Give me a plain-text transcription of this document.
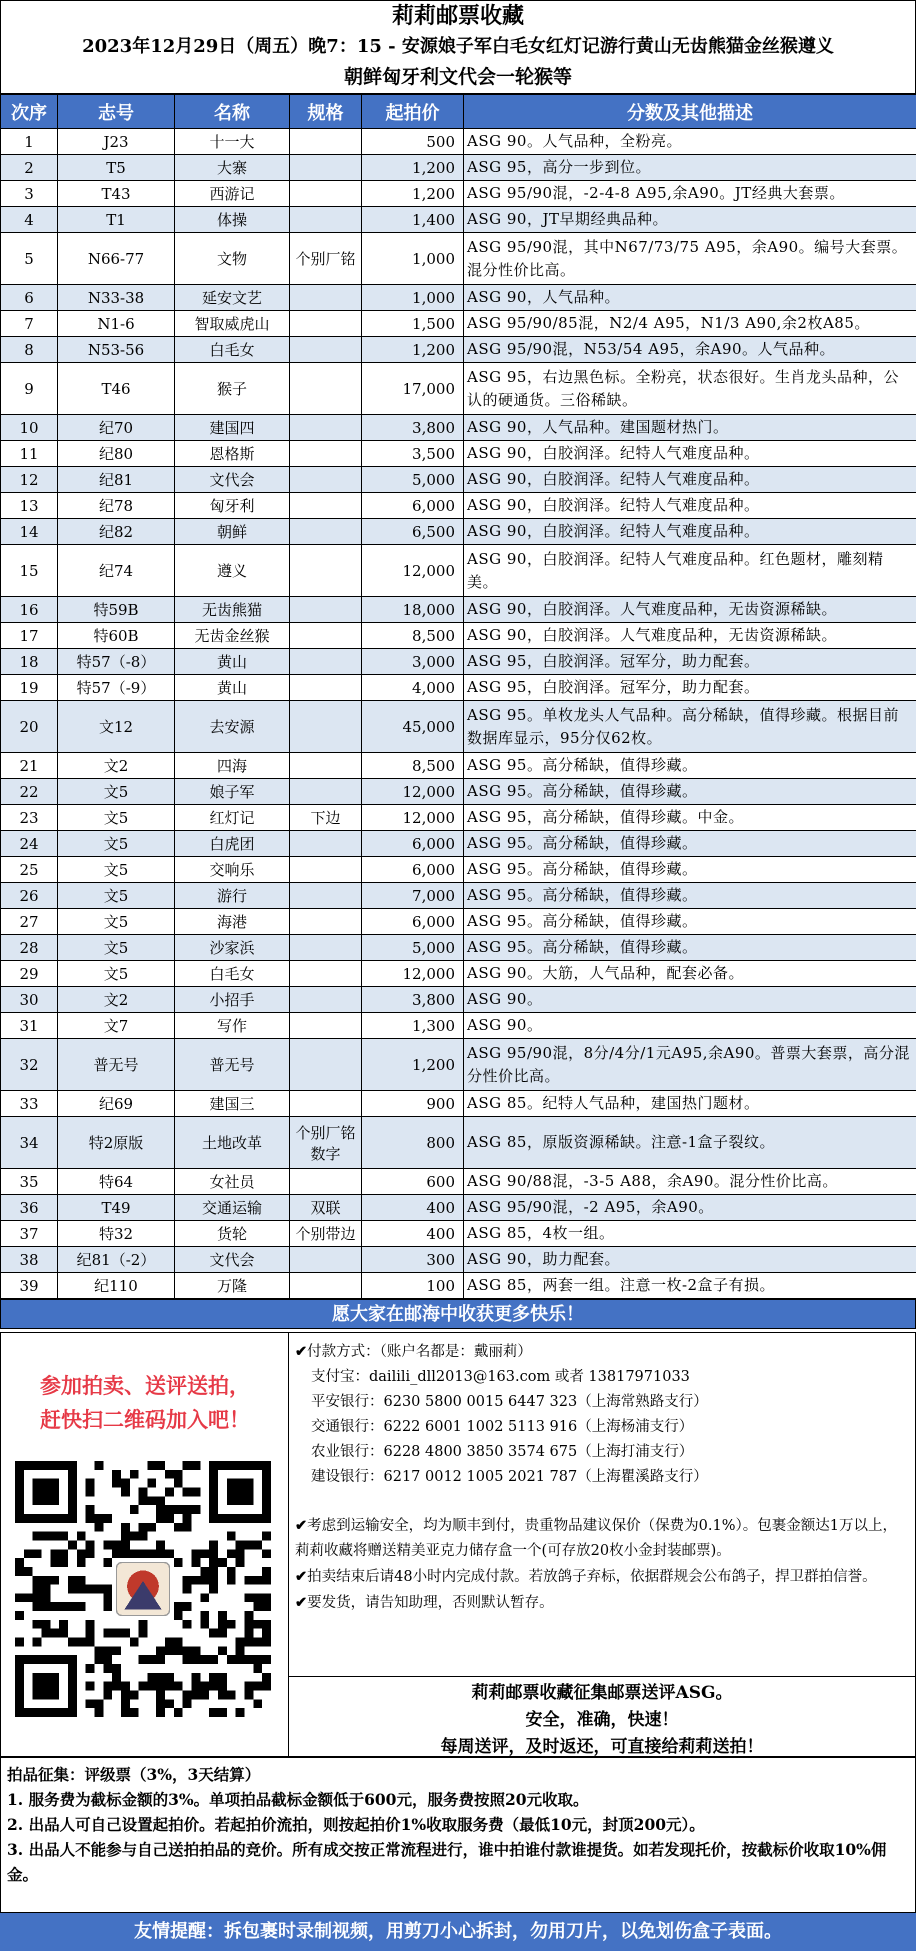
莉莉邮票收藏
2023年12月29日（周五）晚7：15 - 安源娘子军白毛女红灯记游行黄山无齿熊猫金丝猴遵义
朝鲜匈牙利文代会一轮猴等
次序	志号	名称	规格	起拍价	分数及其他描述
1	J23	十一大		500	ASG 90。人气品种，全粉亮。
2	T5	大寨		1,200	ASG 95，高分一步到位。
3	T43	西游记		1,200	ASG 95/90混，-2-4-8 A95,余A90。JT经典大套票。
4	T1	体操		1,400	ASG 90，JT早期经典品种。
5	N66-77	文物	个别厂铭	1,000	ASG 95/90混，其中N67/73/75 A95，余A90。编号大套票。混分性价比高。
6	N33-38	延安文艺		1,000	ASG 90，人气品种。
7	N1-6	智取威虎山		1,500	ASG 95/90/85混，N2/4 A95，N1/3 A90,余2枚A85。
8	N53-56	白毛女		1,200	ASG 95/90混，N53/54 A95，余A90。人气品种。
9	T46	猴子		17,000	ASG 95，右边黑色标。全粉亮，状态很好。生肖龙头品种，公认的硬通货。三俗稀缺。
10	纪70	建国四		3,800	ASG 90，人气品种。建国题材热门。
11	纪80	恩格斯		3,500	ASG 90，白胶润泽。纪特人气难度品种。
12	纪81	文代会		5,000	ASG 90，白胶润泽。纪特人气难度品种。
13	纪78	匈牙利		6,000	ASG 90，白胶润泽。纪特人气难度品种。
14	纪82	朝鲜		6,500	ASG 90，白胶润泽。纪特人气难度品种。
15	纪74	遵义		12,000	ASG 90，白胶润泽。纪特人气难度品种。红色题材，雕刻精美。
16	特59B	无齿熊猫		18,000	ASG 90，白胶润泽。人气难度品种，无齿资源稀缺。
17	特60B	无齿金丝猴		8,500	ASG 90，白胶润泽。人气难度品种，无齿资源稀缺。
18	特57（-8）	黄山		3,000	ASG 95，白胶润泽。冠军分，助力配套。
19	特57（-9）	黄山		4,000	ASG 95，白胶润泽。冠军分，助力配套。
20	文12	去安源		45,000	ASG 95。单枚龙头人气品种。高分稀缺，值得珍藏。根据目前数据库显示，95分仅62枚。
21	文2	四海		8,500	ASG 95。高分稀缺，值得珍藏。
22	文5	娘子军		12,000	ASG 95。高分稀缺，值得珍藏。
23	文5	红灯记	下边	12,000	ASG 95，高分稀缺，值得珍藏。中金。
24	文5	白虎团		6,000	ASG 95。高分稀缺，值得珍藏。
25	文5	交响乐		6,000	ASG 95。高分稀缺，值得珍藏。
26	文5	游行		7,000	ASG 95。高分稀缺，值得珍藏。
27	文5	海港		6,000	ASG 95。高分稀缺，值得珍藏。
28	文5	沙家浜		5,000	ASG 95。高分稀缺，值得珍藏。
29	文5	白毛女		12,000	ASG 90。大筋，人气品种，配套必备。
30	文2	小招手		3,800	ASG 90。
31	文7	写作		1,300	ASG 90。
32	普无号	普无号		1,200	ASG 95/90混，8分/4分/1元A95,余A90。普票大套票，高分混分性价比高。
33	纪69	建国三		900	ASG 85。纪特人气品种，建国热门题材。
34	特2原版	土地改革	个别厂铭数字	800	ASG 85，原版资源稀缺。注意-1盒子裂纹。
35	特64	女社员		600	ASG 90/88混，-3-5 A88，余A90。混分性价比高。
36	T49	交通运输	双联	400	ASG 95/90混，-2 A95，余A90。
37	特32	货轮	个别带边	400	ASG 85，4枚一组。
38	纪81（-2）	文代会		300	ASG 90，助力配套。
39	纪110	万隆		100	ASG 85，两套一组。注意一枚-2盒子有损。
愿大家在邮海中收获更多快乐！
参加拍卖、送评送拍，
赶快扫二维码加入吧！
✔付款方式：（账户名都是：戴丽莉）
支付宝：dailili_dll2013@163.com 或者 13817971033
平安银行：6230 5800 0015 6447 323（上海常熟路支行）
交通银行：6222 6001 1002 5113 916（上海杨浦支行）
农业银行：6228 4800 3850 3574 675（上海打浦支行）
建设银行：6217 0012 1005 2021 787（上海瞿溪路支行）
✔考虑到运输安全，均为顺丰到付，贵重物品建议保价（保费为0.1%）。包裹金额达1万以上，莉莉收藏将赠送精美亚克力储存盒一个(可存放20枚小金封装邮票)。
✔拍卖结束后请48小时内完成付款。若放鸽子弃标，依据群规会公布鸽子，捍卫群拍信誉。
✔要发货，请告知助理，否则默认暂存。
莉莉邮票收藏征集邮票送评ASG。
安全，准确，快速！
每周送评，及时返还，可直接给莉莉送拍！
拍品征集：评级票（3%，3天结算）
1. 服务费为截标金额的3%。单项拍品截标金额低于600元，服务费按照20元收取。
2. 出品人可自己设置起拍价。若起拍价流拍，则按起拍价1%收取服务费（最低10元，封顶200元）。
3. 出品人不能参与自己送拍拍品的竞价。所有成交按正常流程进行，谁中拍谁付款谁提货。如若发现托价，按截标价收取10%佣金。
友情提醒：拆包裹时录制视频，用剪刀小心拆封，勿用刀片，以免划伤盒子表面。
